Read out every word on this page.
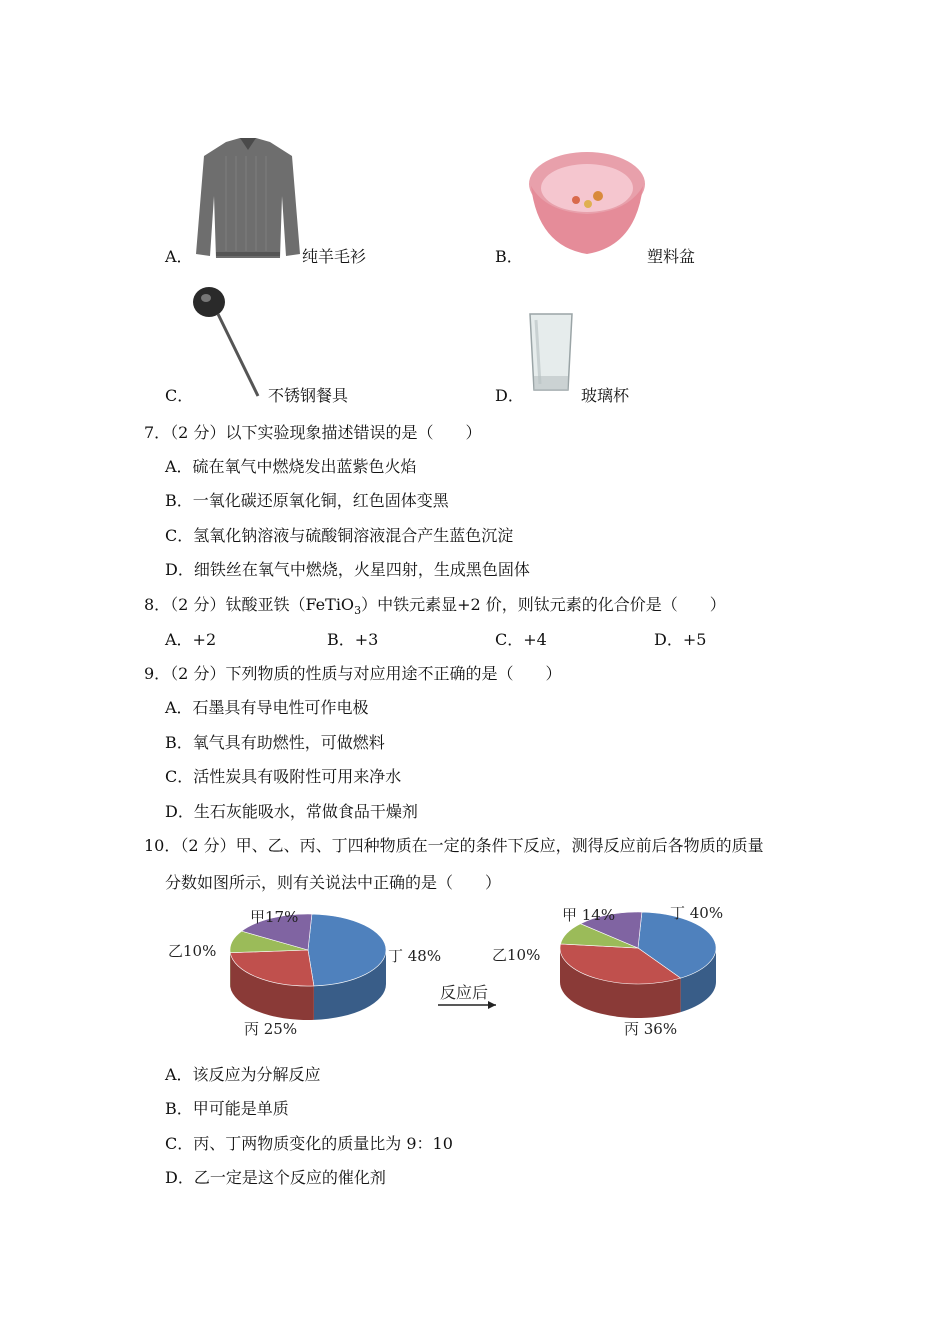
A．	纯羊毛衫	B．	塑料盆
C．	不锈钢餐具	D．	玻璃杯
7．（2 分）以下实验现象描述错误的是（　　）
A．硫在氧气中燃烧发出蓝紫色火焰
B．一氧化碳还原氧化铜，红色固体变黑
C．氢氧化钠溶液与硫酸铜溶液混合产生蓝色沉淀
D．细铁丝在氧气中燃烧，火星四射，生成黑色固体
8．（2 分）钛酸亚铁（FeTiO$_3$）中铁元素显+2 价，则钛元素的化合价是（　　）
A．+2	B．+3	C．+4	D．+5
9．（2 分）下列物质的性质与对应用途不正确的是（　　）
A．石墨具有导电性可作电极
B．氧气具有助燃性，可做燃料
C．活性炭具有吸附性可用来净水
D．生石灰能吸水，常做食品干燥剂
10．（2 分）甲、乙、丙、丁四种物质在一定的条件下反应，测得反应前后各物质的质量
分数如图所示，则有关说法中正确的是（　　）
反应后
甲17%
乙10%	丁 48%
丙 25%
甲 14%
乙10%
丁 40%
丙 36%
A．该反应为分解反应
B．甲可能是单质
C．丙、丁两物质变化的质量比为 9：10
D．乙一定是这个反应的催化剂
